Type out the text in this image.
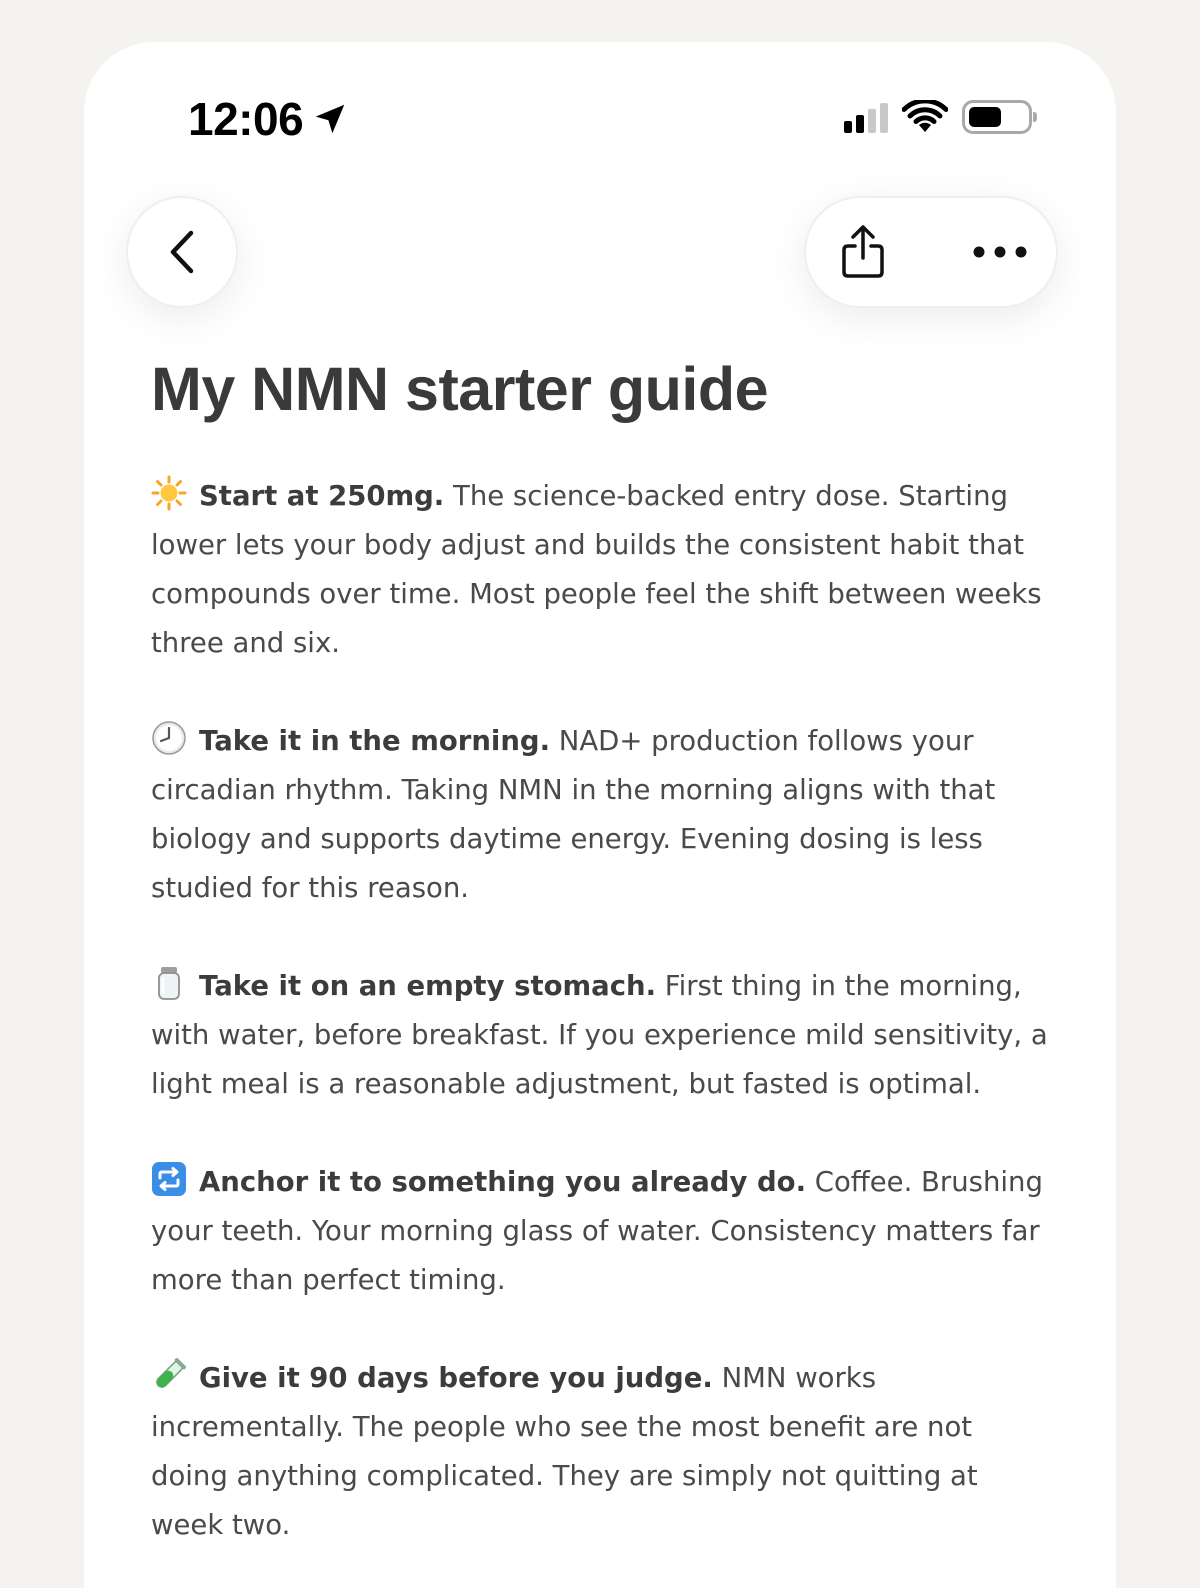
12:06
My NMN starter guide
Start at 250mg. The science-backed entry dose. Starting lower lets your body adjust and builds the consistent habit that compounds over time. Most people feel the shift between weeks three and six.
Take it in the morning. NAD+ production follows your circadian rhythm. Taking NMN in the morning aligns with that biology and supports daytime energy. Evening dosing is less studied for this reason.
Take it on an empty stomach. First thing in the morning, with water, before breakfast. If you experience mild sensitivity, a light meal is a reasonable adjustment, but fasted is optimal.
Anchor it to something you already do. Coffee. Brushing your teeth. Your morning glass of water. Consistency matters far more than perfect timing.
Give it 90 days before you judge. NMN works incrementally. The people who see the most benefit are not doing anything complicated. They are simply not quitting at week two.
